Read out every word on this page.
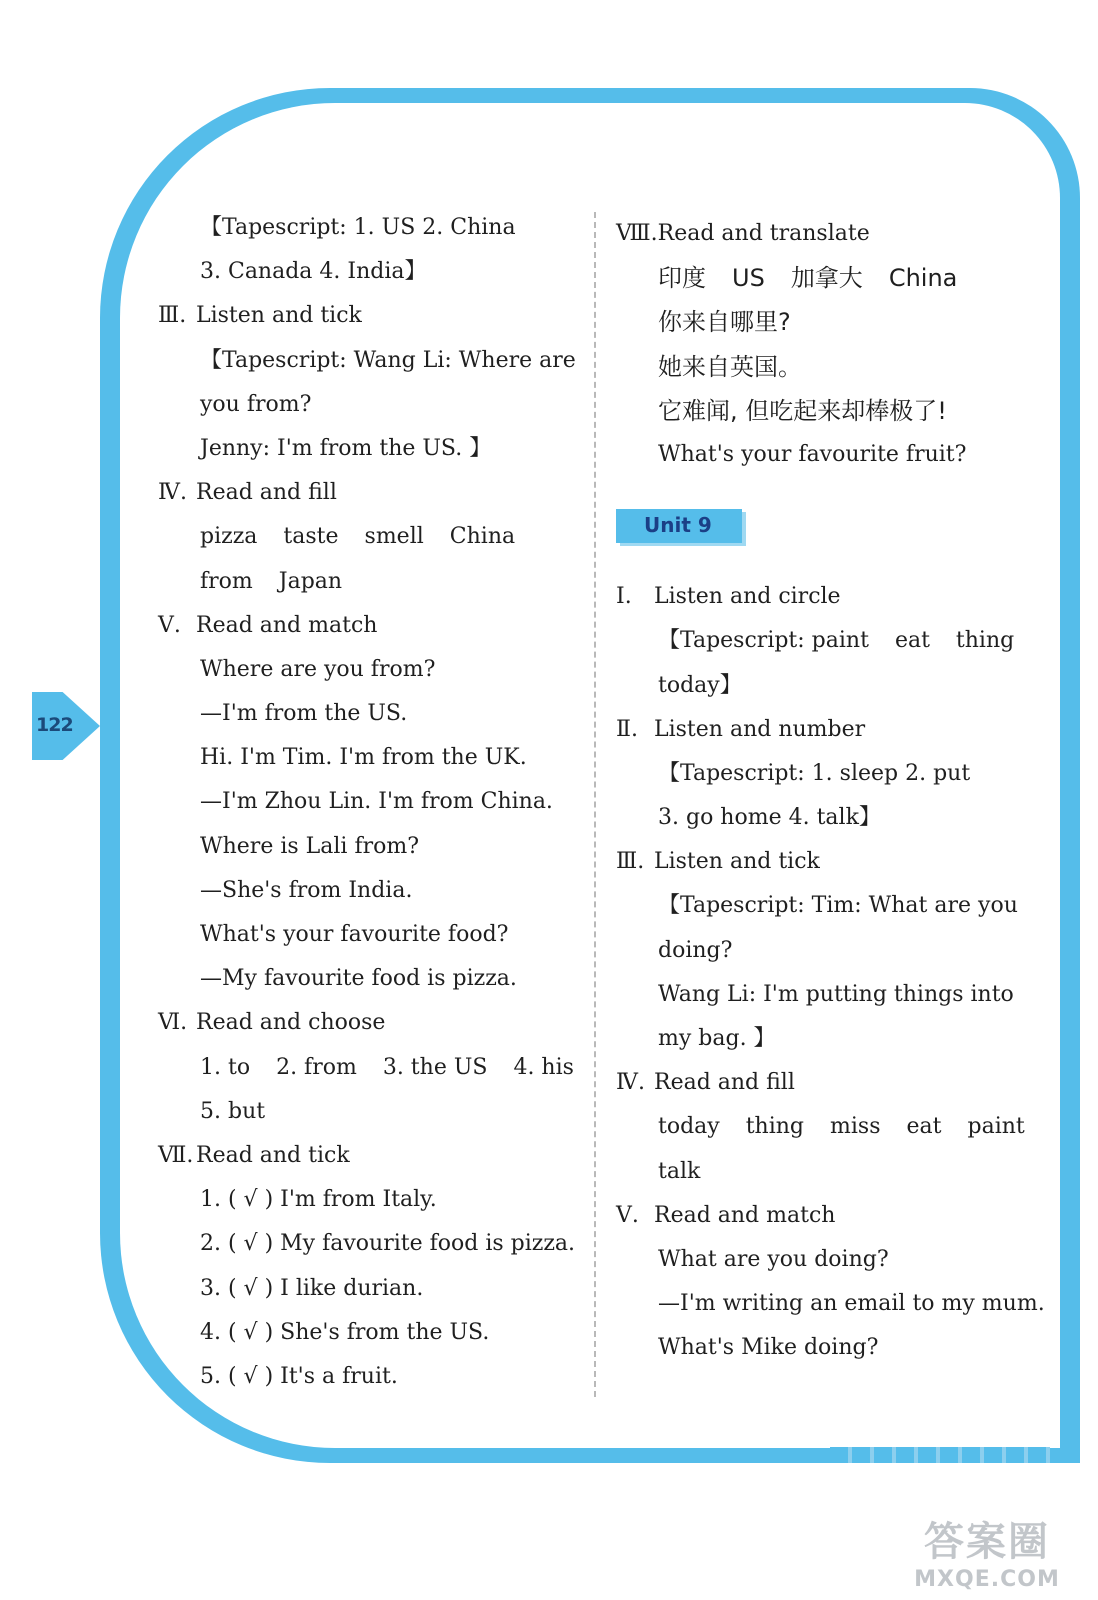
122
【Tapescript: 1. US 2. China
3. Canada 4. India】
Ⅲ. Listen and tick
【Tapescript: Wang Li: Where are
you from?
Jenny: I'm from the US. 】
Ⅳ. Read and fill
pizza taste smell China
from Japan
Ⅴ. Read and match
Where are you from?
—I'm from the US.
Hi. I'm Tim. I'm from the UK.
—I'm Zhou Lin. I'm from China.
Where is Lali from?
—She's from India.
What's your favourite food?
—My favourite food is pizza.
Ⅵ. Read and choose
1. to 2. from 3. the US 4. his
5. but
Ⅶ. Read and tick
1. ( √ ) I'm from Italy.
2. ( √ ) My favourite food is pizza.
3. ( √ ) I like durian.
4. ( √ ) She's from the US.
5. ( √ ) It's a fruit.
Ⅷ.Read and translate
印度 US 加拿大 China
你来自哪里?
她来自英国。
它难闻, 但吃起来却棒极了!
What's your favourite fruit?
Unit 9
Ⅰ. Listen and circle
【Tapescript: paint eat thing
today】
Ⅱ. Listen and number
【Tapescript: 1. sleep 2. put
3. go home 4. talk】
Ⅲ. Listen and tick
【Tapescript: Tim: What are you
doing?
Wang Li: I'm putting things into
my bag. 】
Ⅳ. Read and fill
today thing miss eat paint
talk
Ⅴ. Read and match
What are you doing?
—I'm writing an email to my mum.
What's Mike doing?
答案圈
MXQE.COM
